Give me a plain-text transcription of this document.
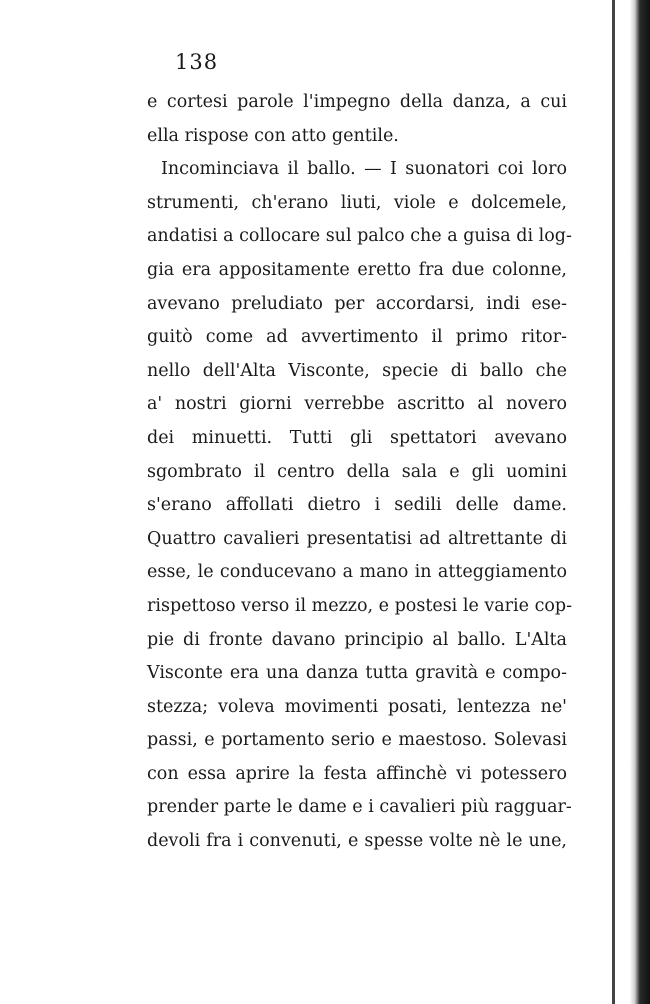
138
e cortesi parole l'impegno della danza, a cui
ella rispose con atto gentile.
Incominciava il ballo. — I suonatori coi loro
strumenti, ch'erano liuti, viole e dolcemele,
andatisi a collocare sul palco che a guisa di log-
gia era appositamente eretto fra due colonne,
avevano preludiato per accordarsi, indi ese-
guitò come ad avvertimento il primo ritor-
nello dell'Alta Visconte, specie di ballo che
a' nostri giorni verrebbe ascritto al novero
dei minuetti. Tutti gli spettatori avevano
sgombrato il centro della sala e gli uomini
s'erano affollati dietro i sedili delle dame.
Quattro cavalieri presentatisi ad altrettante di
esse, le conducevano a mano in atteggiamento
rispettoso verso il mezzo, e postesi le varie cop-
pie di fronte davano principio al ballo. L'Alta
Visconte era una danza tutta gravità e compo-
stezza; voleva movimenti posati, lentezza ne'
passi, e portamento serio e maestoso. Solevasi
con essa aprire la festa affinchè vi potessero
prender parte le dame e i cavalieri più ragguar-
devoli fra i convenuti, e spesse volte nè le une,
